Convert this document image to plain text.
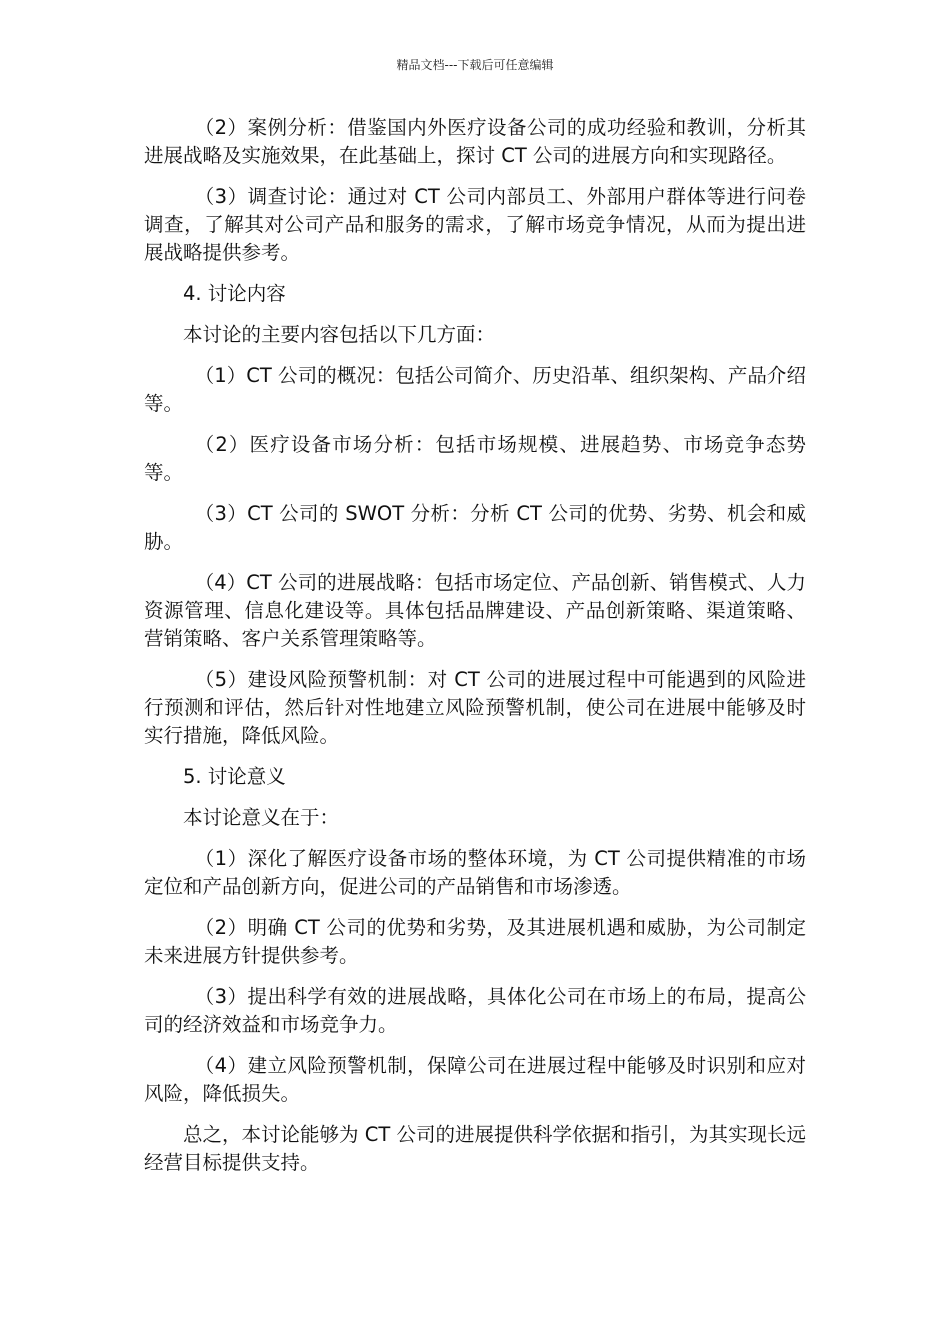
精品文档---下载后可任意编辑

（2）案例分析：借鉴国内外医疗设备公司的成功经验和教训，分析其进展战略及实施效果，在此基础上，探讨 CT 公司的进展方向和实现路径。

（3）调查讨论：通过对 CT 公司内部员工、外部用户群体等进行问卷调查，了解其对公司产品和服务的需求，了解市场竞争情况，从而为提出进展战略提供参考。

4. 讨论内容

本讨论的主要内容包括以下几方面：

（1）CT 公司的概况：包括公司简介、历史沿革、组织架构、产品介绍等。

（2）医疗设备市场分析：包括市场规模、进展趋势、市场竞争态势等。

（3）CT 公司的 SWOT 分析：分析 CT 公司的优势、劣势、机会和威胁。

（4）CT 公司的进展战略：包括市场定位、产品创新、销售模式、人力资源管理、信息化建设等。具体包括品牌建设、产品创新策略、渠道策略、营销策略、客户关系管理策略等。

（5）建设风险预警机制：对 CT 公司的进展过程中可能遇到的风险进行预测和评估，然后针对性地建立风险预警机制，使公司在进展中能够及时实行措施，降低风险。

5. 讨论意义

本讨论意义在于：

（1）深化了解医疗设备市场的整体环境，为 CT 公司提供精准的市场定位和产品创新方向，促进公司的产品销售和市场渗透。

（2）明确 CT 公司的优势和劣势，及其进展机遇和威胁，为公司制定未来进展方针提供参考。

（3）提出科学有效的进展战略，具体化公司在市场上的布局，提高公司的经济效益和市场竞争力。

（4）建立风险预警机制，保障公司在进展过程中能够及时识别和应对风险，降低损失。

总之，本讨论能够为 CT 公司的进展提供科学依据和指引，为其实现长远经营目标提供支持。
